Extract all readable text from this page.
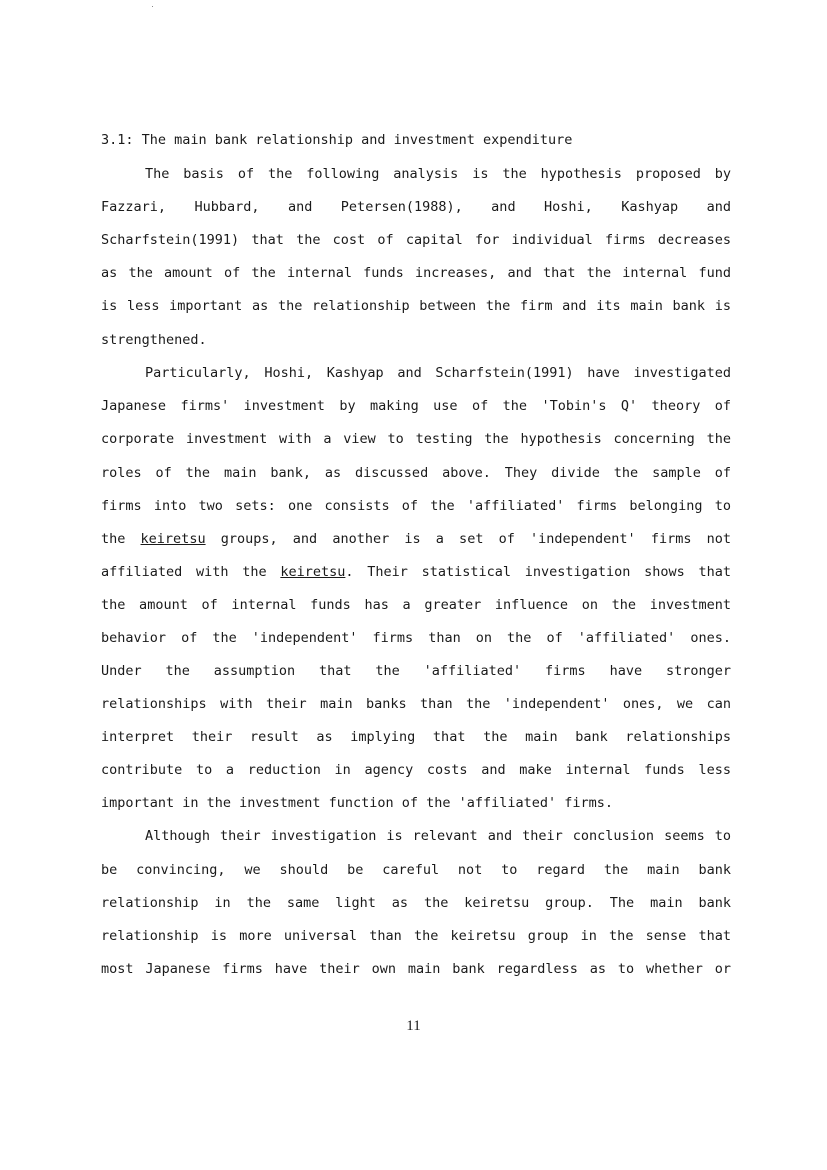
3.1: The main bank relationship and investment expenditure
The basis of the following analysis is the hypothesis proposed by
Fazzari, Hubbard, and Petersen(1988), and Hoshi, Kashyap and
Scharfstein(1991) that the cost of capital for individual firms decreases
as the amount of the internal funds increases, and that the internal fund
is less important as the relationship between the firm and its main bank is
strengthened.
Particularly, Hoshi, Kashyap and Scharfstein(1991) have investigated
Japanese firms' investment by making use of the 'Tobin's Q' theory of
corporate investment with a view to testing the hypothesis concerning the
roles of the main bank, as discussed above. They divide the sample of
firms into two sets: one consists of the 'affiliated' firms belonging to
the keiretsu groups, and another is a set of 'independent' firms not
affiliated with the keiretsu. Their statistical investigation shows that
the amount of internal funds has a greater influence on the investment
behavior of the 'independent' firms than on the of 'affiliated' ones.
Under the assumption that the 'affiliated' firms have stronger
relationships with their main banks than the 'independent' ones, we can
interpret their result as implying that the main bank relationships
contribute to a reduction in agency costs and make internal funds less
important in the investment function of the 'affiliated' firms.
Although their investigation is relevant and their conclusion seems to
be convincing, we should be careful not to regard the main bank
relationship in the same light as the keiretsu group. The main bank
relationship is more universal than the keiretsu group in the sense that
most Japanese firms have their own main bank regardless as to whether or
11
